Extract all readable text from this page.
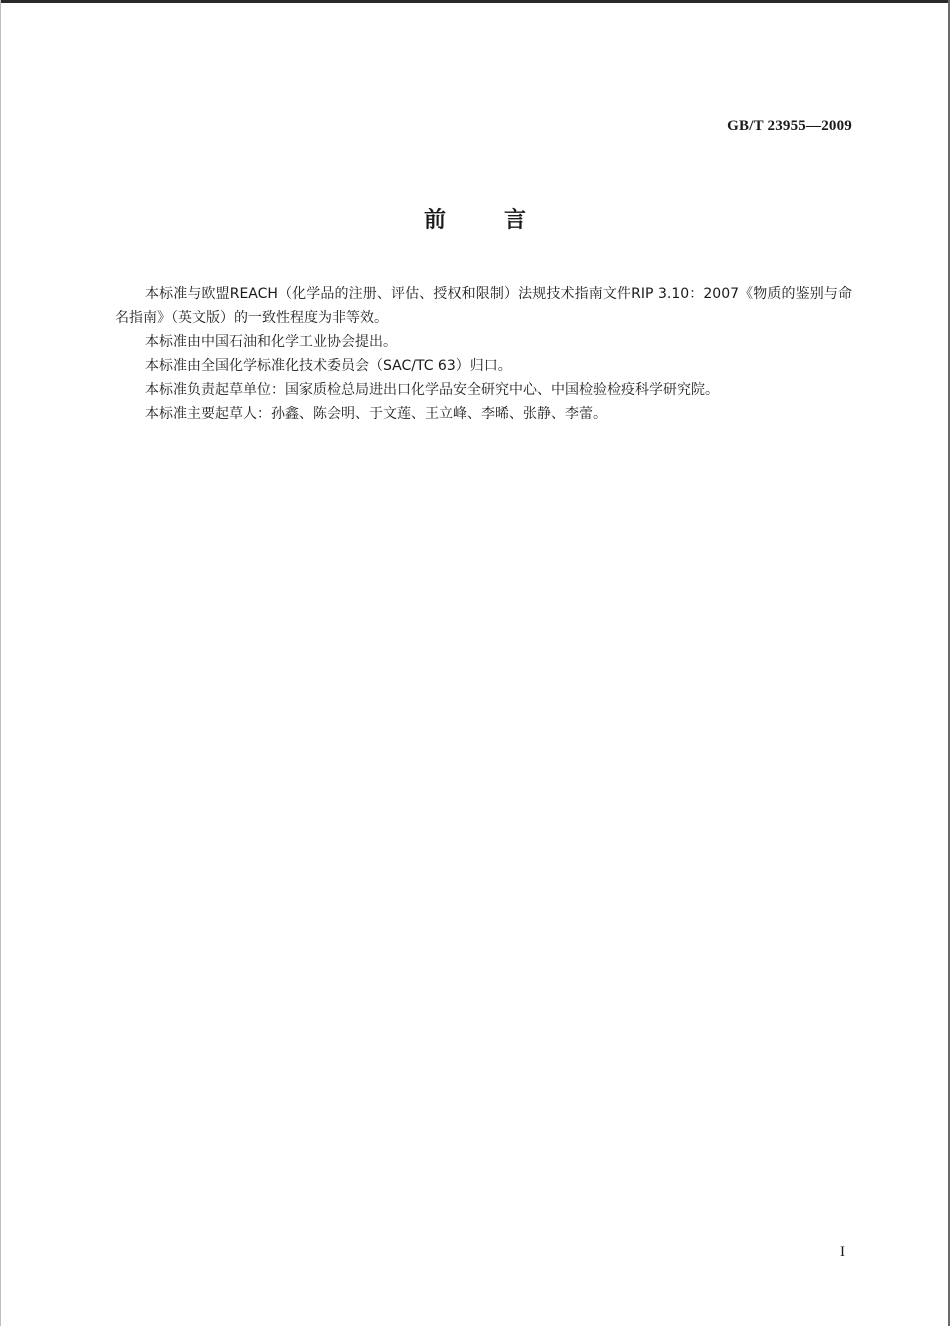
GB/T 23955—2009
前言

本标准与欧盟REACH（化学品的注册、评估、授权和限制）法规技术指南文件RIP 3.10：2007《物质的鉴别与命名指南》（英文版）的一致性程度为非等效。

本标准由中国石油和化学工业协会提出。

本标准由全国化学标准化技术委员会（SAC/TC 63）归口。

本标准负责起草单位：国家质检总局进出口化学品安全研究中心、中国检验检疫科学研究院。

本标准主要起草人：孙鑫、陈会明、于文莲、王立峰、李晞、张静、李蕾。

I
